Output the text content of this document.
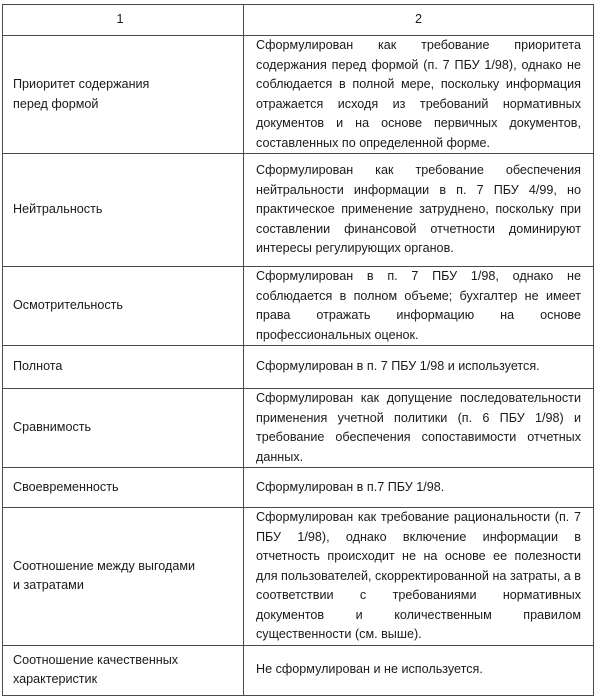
1	2
Приоритет содержания
перед формой	Сформулирован как требование приоритета содержания перед формой (п. 7 ПБУ 1/98), однако не соблюдается в полной мере, поскольку информация отражается исходя из требований нормативных документов и на основе первичных документов, составленных по определенной форме.

Нейтральность	Сформулирован как требование обеспечения нейтральности информации в п. 7 ПБУ 4/99, но практическое применение затруднено, поскольку при составлении финансовой отчетности доминируют интересы регулирующих органов.

Осмотрительность	Сформулирован в п. 7 ПБУ 1/98, однако не соблюдается в полном объеме; бухгалтер не имеет права отражать информацию на основе профессиональных оценок.

Полнота	Сформулирован в п. 7 ПБУ 1/98 и используется.

Сравнимость	Сформулирован как допущение последовательности применения учетной политики (п. 6 ПБУ 1/98) и требование обеспечения сопоставимости отчетных данных.

Своевременность	Сформулирован в п.7 ПБУ 1/98.

Соотношение между выгодами
и затратами	Сформулирован как требование рациональности (п. 7 ПБУ 1/98), однако включение информации в отчетность происходит не на основе ее полезности для пользователей, скорректированной на затраты, а в соответствии с требованиями нормативных документов и количественным правилом существенности (см. выше).

Соотношение качественных
характеристик	Не сформулирован и не используется.
